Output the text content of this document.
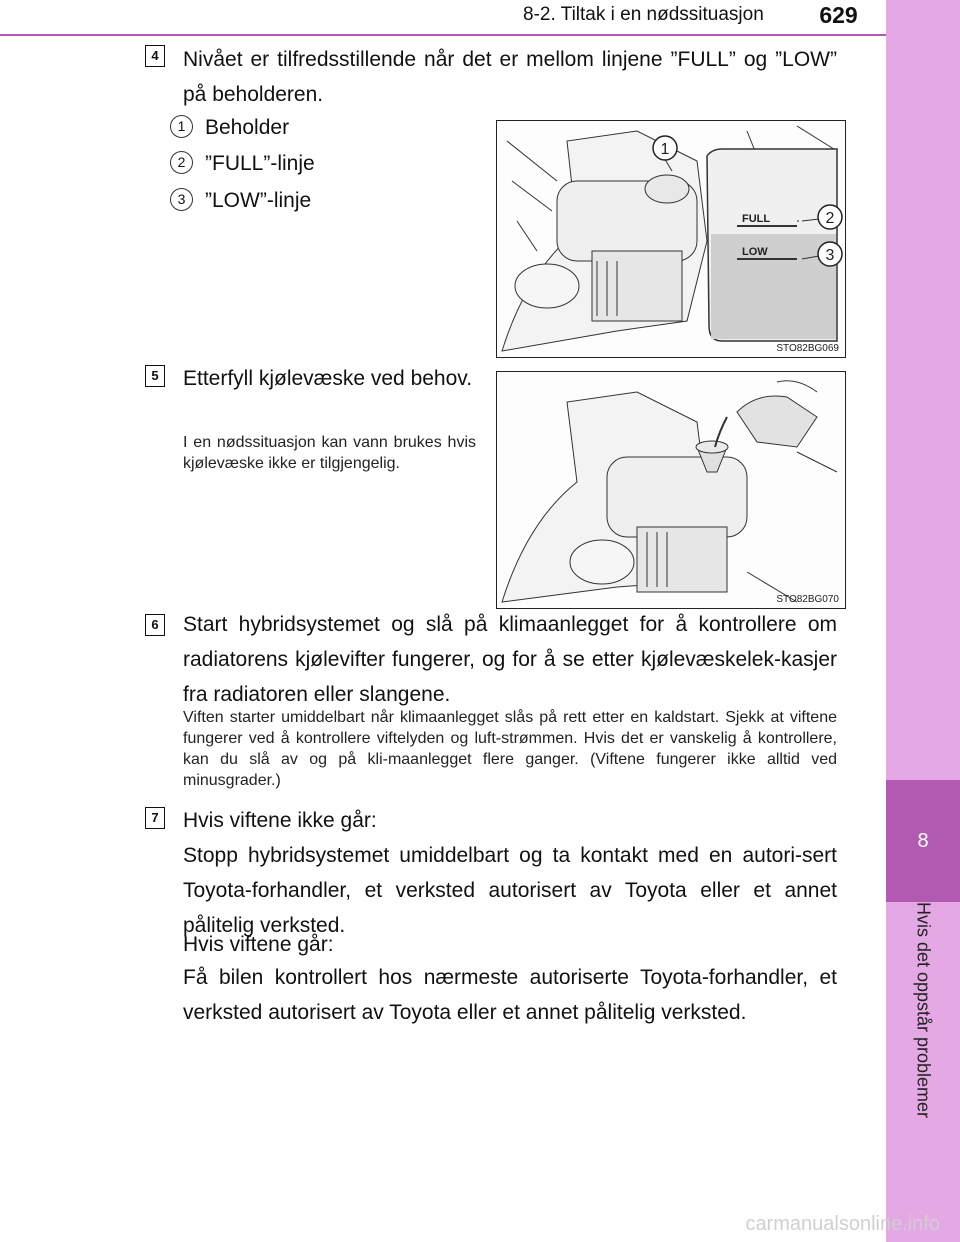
8-2. Tiltak i en nødssituasjon	629
8
Hvis det oppstår problemer
4	Nivået er tilfredsstillende når det er mellom linjene ”FULL” og ”LOW” på beholderen.
1 Beholder
2 ”FULL”-linje
3 ”LOW”-linje
FULL
LOW
1
2
3
STO82BG069
5	Etterfyll kjølevæske ved behov.
I en nødssituasjon kan vann brukes hvis kjølevæske ikke er tilgjengelig.
STO82BG070
6	Start hybridsystemet og slå på klimaanlegget for å kontrollere om radiatorens kjølevifter fungerer, og for å se etter kjølevæskelek-kasjer fra radiatoren eller slangene.
Viften starter umiddelbart når klimaanlegget slås på rett etter en kaldstart. Sjekk at viftene fungerer ved å kontrollere viftelyden og luft-strømmen. Hvis det er vanskelig å kontrollere, kan du slå av og på kli-maanlegget flere ganger. (Viftene fungerer ikke alltid ved minusgrader.)
7	Hvis viftene ikke går:
Stopp hybridsystemet umiddelbart og ta kontakt med en autori-sert Toyota-forhandler, et verksted autorisert av Toyota eller et annet pålitelig verksted.
Hvis viftene går:
Få bilen kontrollert hos nærmeste autoriserte Toyota-forhandler, et verksted autorisert av Toyota eller et annet pålitelig verksted.
carmanualsonline.info
